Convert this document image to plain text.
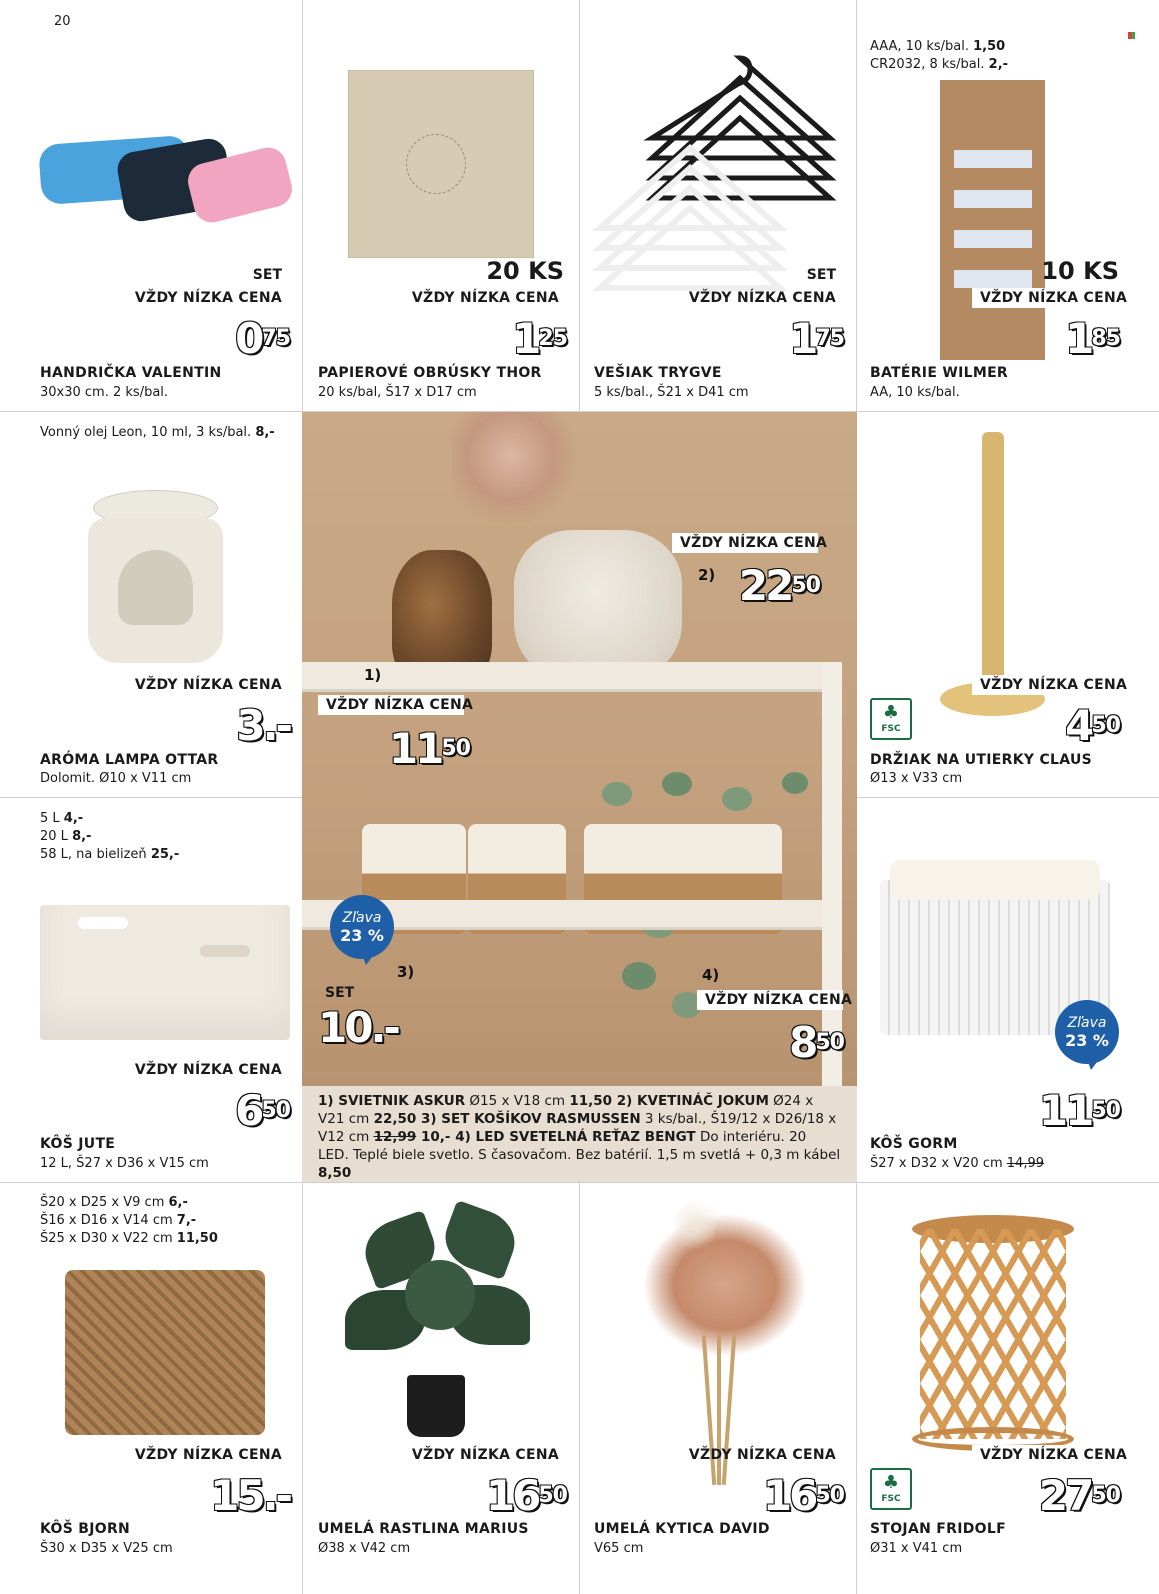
20
SET
VŽDY NÍZKA CENA
$0^{75}$
HANDRIČKA VALENTIN
30x30 cm. 2 ks/bal.
20 KS
VŽDY NÍZKA CENA
$1^{25}$
PAPIEROVÉ OBRÚSKY THOR
20 ks/bal, Š17 x D17 cm
SET
VŽDY NÍZKA CENA
$1^{75}$
VEŠIAK TRYGVE
5 ks/bal., Š21 x D41 cm
AAA, 10 ks/bal. 1,50
CR2032, 8 ks/bal. 2,-
10 KS
VŽDY NÍZKA CENA
$1^{85}$
BATÉRIE WILMER
AA, 10 ks/bal.
Vonný olej Leon, 10 ml, 3 ks/bal. 8,-
VŽDY NÍZKA CENA
3.-
ARÓMA LAMPA OTTAR
Dolomit. Ø10 x V11 cm
VŽDY NÍZKA CENA
♣
FSC	$4^{50}$
DRŽIAK NA UTIERKY CLAUS
Ø13 x V33 cm
5 L 4,-
20 L 8,-
58 L, na bielizeň 25,-
VŽDY NÍZKA CENA
$6^{50}$
KÔŠ JUTE
12 L, Š27 x D36 x V15 cm
Zľava
23 %
$11^{50}$
KÔŠ GORM
Š27 x D32 x V20 cm 14,99
VŽDY NÍZKA CENA
2) $22^{50}$
1)
VŽDY NÍZKA CENA
$11^{50}$
Zľava
23 %
3)
SET
10.-
4)
VŽDY NÍZKA CENA
$8^{50}$
1) SVIETNIK ASKUR Ø15 x V18 cm 11,50 2) KVETINÁČ JOKUM Ø24 x V21 cm 22,50 3) SET KOŠÍKOV RASMUSSEN 3 ks/bal., Š19/12 x D26/18 x V12 cm 12,99 10,- 4) LED SVETELNÁ REŤAZ BENGT Do interiéru. 20 LED. Teplé biele svetlo. S časovačom. Bez batérií. 1,5 m svetlá + 0,3 m kábel 8,50
Š20 x D25 x V9 cm 6,-
Š16 x D16 x V14 cm 7,-
Š25 x D30 x V22 cm 11,50
VŽDY NÍZKA CENA
15.-
KÔŠ BJORN
Š30 x D35 x V25 cm
VŽDY NÍZKA CENA
$16^{50}$
UMELÁ RASTLINA MARIUS
Ø38 x V42 cm
VŽDY NÍZKA CENA
$16^{50}$
UMELÁ KYTICA DAVID
V65 cm
VŽDY NÍZKA CENA
♣
FSC	$27^{50}$
STOJAN FRIDOLF
Ø31 x V41 cm
